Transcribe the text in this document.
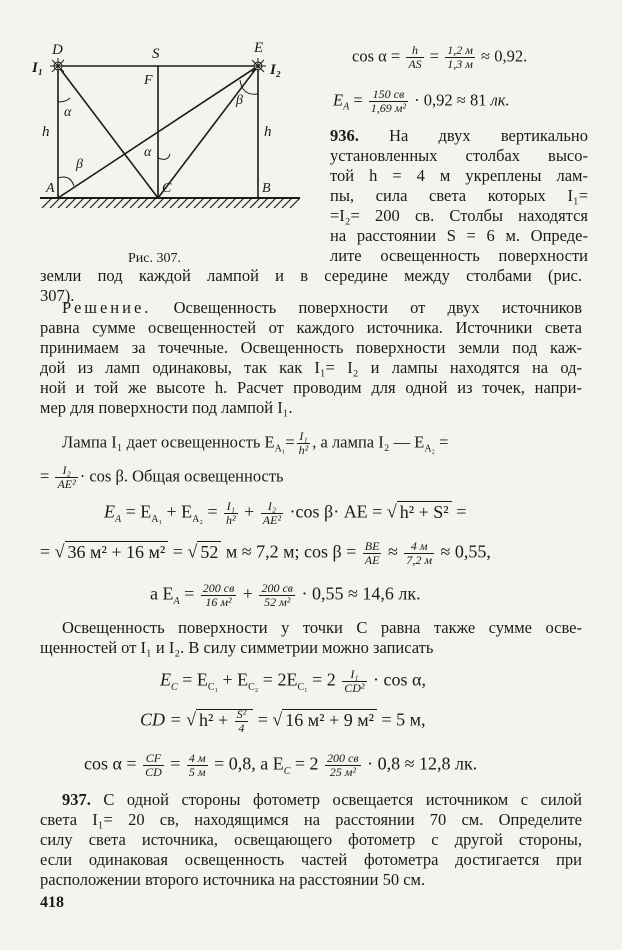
D	S	E
I₁	I₂
F
A	B
C
h	h
α
α
β
β
Рис. 307.
$\cos \alpha = \frac{h}{AS} = \frac{1,2 м}{1,3 м} \approx 0,92$.
$E_A = \frac{150 св}{\text{1,69 м²}} \cdot 0,92 \approx 81$ лк.
936. На двух вертикально
установленных столбах высо-
той h = 4 м укреплены лам-
пы, сила света которых I₁=
=I₂= 200 св. Столбы находятся
на расстоянии S = 6 м. Опреде-
лите освещенность поверхности
земли под каждой лампой и в середине между столбами (рис.
307).
Решение. Освещенность поверхности от двух источников
равна сумме освещенностей от каждого источника. Источники света
принимаем за точечные. Освещенность поверхности земли под каж-
дой из ламп одинаковы, так как I₁= I₂ и лампы находятся на од-
ной и той же высоте h. Расчет проводим для одной из точек, напри-
мер для поверхности под лампой I₁.
Лампа I₁ дает освещенность $E_{A_1}= \frac{\text{I₁}}{\text{h²}}$ , а лампа I₂ — $E_{A_2}$ =
= $\frac{\text{I₂}}{\text{AE²}} \cdot \cos \beta$. Общая освещенность
$E_A = E_{A_1} + E_{A_2} = \frac{\text{I₁}}{\text{h²}} + \frac{\text{I₂}}{\text{AE²}} \cdot\cos$ β· AE = √ h² + S² =
= √ 36 м² + 16 м² = √ 52 м ≈ 7,2 м; $\cos \beta = \frac{BE}{AE} \approx \frac{4 м}{7,2 м} \approx 0,55$,
а $E_A = \frac{200 св}{\text{16 м²}} + \frac{200 св}{\text{52 м²}} \cdot 0,55 \approx 14,6$ лк.
Освещенность поверхности у точки C равна также сумме осве-
щенностей от I₁ и I₂. В силу симметрии можно записать
$E_C = E_{C_1} + E_{C_2} = 2E_{C_1} = 2 \frac{\text{I₁}}{\text{CD²}} \cdot \cos \alpha$,
CD = √ $h^2 + \frac{\text{S²}}{4}$ = √ 16 м² + 9 м² = 5 м,
$\cos \alpha = \frac{CF}{CD} = \frac{4 м}{5 м} = 0,8$, а $E_C = 2 \frac{200 св}{\text{25 м²}} \cdot 0,8 \approx 12,8$ лк.
937. С одной стороны фотометр освещается источником с силой
света I₁= 20 св, находящимся на расстоянии 70 см. Определите
силу света источника, освещающего фотометр с другой стороны,
если одинаковая освещенность частей фотометра достигается при
расположении второго источника на расстоянии 50 см.
418
